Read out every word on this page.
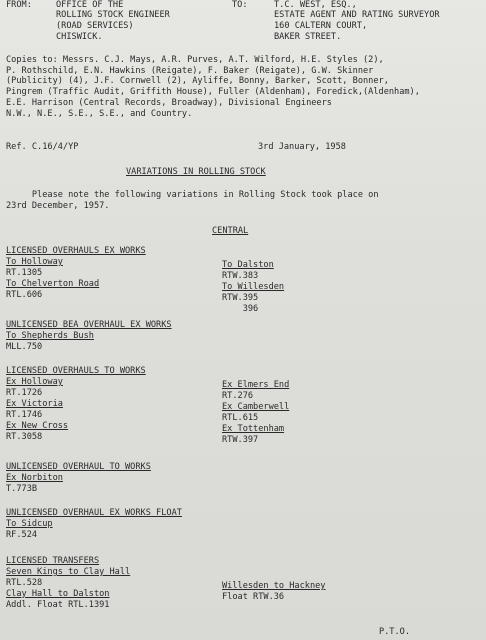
FROM:	OFFICE OF THE
ROLLING STOCK ENGINEER
(ROAD SERVICES)
CHISWICK.
TO:	T.C. WEST, ESQ.,
ESTATE AGENT AND RATING SURVEYOR
160 CALTERN COURT,
BAKER STREET.
Copies to: Messrs. C.J. Mays, A.R. Purves, A.T. Wilford, H.E. Styles (2),
P. Rothschild, E.N. Hawkins (Reigate), F. Baker (Reigate), G.W. Skinner
(Publicity) (4), J.F. Cornwell (2), Ayliffe, Bonny, Barker, Scott, Bonner,
Pingrem (Traffic Audit, Griffith House), Fuller (Aldenham), Foredick,(Aldenham),
E.E. Harrison (Central Records, Broadway), Divisional Engineers
N.W., N.E., S.E., S.E., and Country.
Ref. C.16/4/YP	3rd January, 1958
VARIATIONS IN ROLLING STOCK
Please note the following variations in Rolling Stock took place on
23rd December, 1957.
CENTRAL
LICENSED OVERHAULS EX WORKS
To Holloway
RT.1305
To Chelverton Road
RTL.606
To Dalston
RTW.383
To Willesden
RTW.395
396
UNLICENSED BEA OVERHAUL EX WORKS
To Shepherds Bush
MLL.750
LICENSED OVERHAULS TO WORKS
Ex Holloway
RT.1726
Ex Victoria
RT.1746
Ex New Cross
RT.3058
Ex Elmers End
RT.276
Ex Camberwell
RTL.615
Ex Tottenham
RTW.397
UNLICENSED OVERHAUL TO WORKS
Ex Norbiton
T.773B
UNLICENSED OVERHAUL EX WORKS FLOAT
To Sidcup
RF.524
LICENSED TRANSFERS
Seven Kings to Clay Hall
RTL.528
Clay Hall to Dalston
Addl. Float RTL.1391
Willesden to Hackney
Float RTW.36
P.T.O.
